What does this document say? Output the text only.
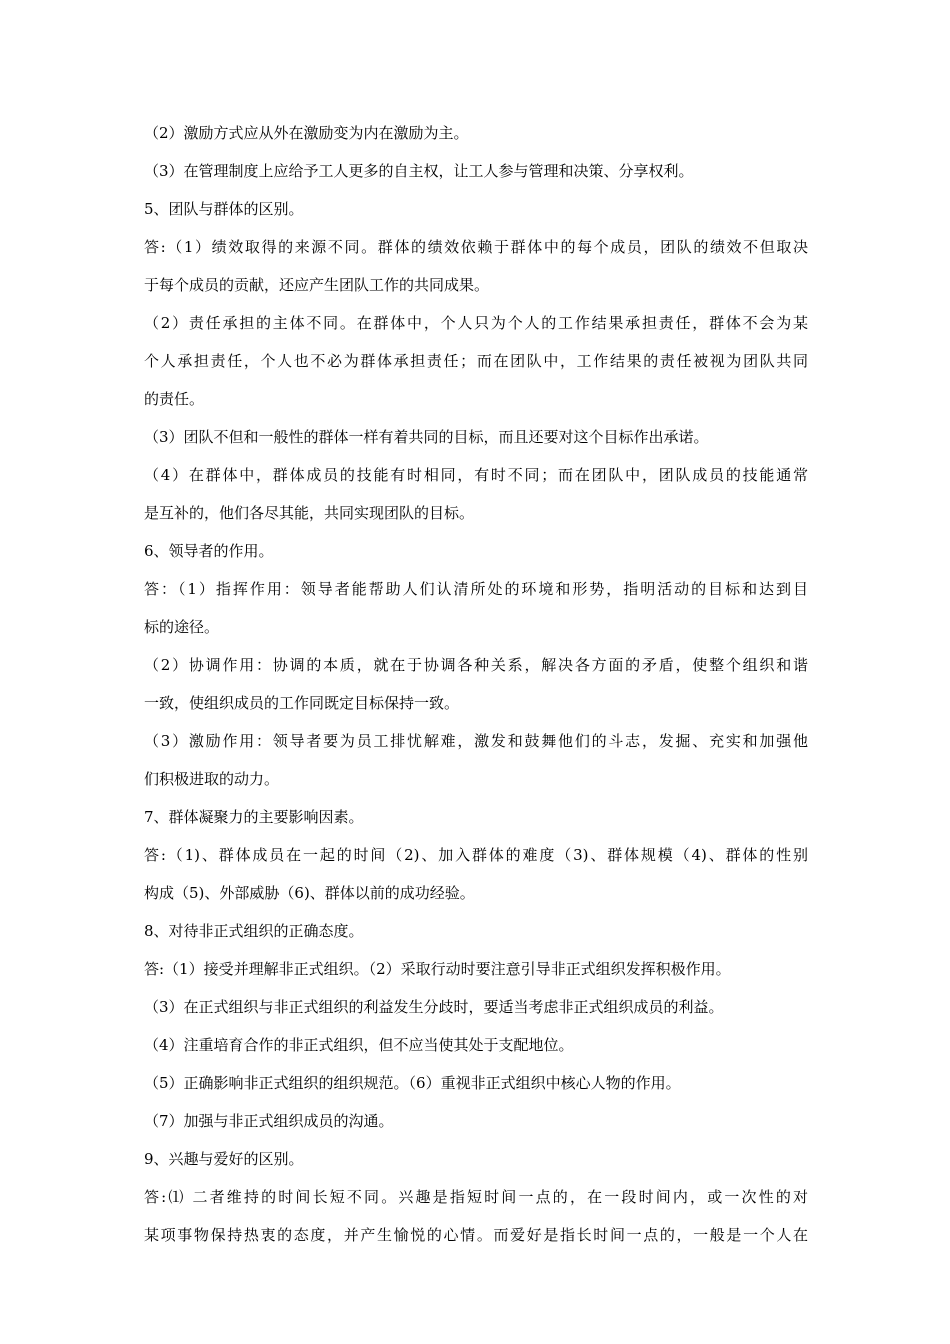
（2）激励方式应从外在激励变为内在激励为主。
（3）在管理制度上应给予工人更多的自主权，让工人参与管理和决策、分享权利。
5、团队与群体的区别。
答:（1）绩效取得的来源不同。群体的绩效依赖于群体中的每个成员，团队的绩效不但取决
于每个成员的贡献，还应产生团队工作的共同成果。
（2）责任承担的主体不同。在群体中，个人只为个人的工作结果承担责任，群体不会为某
个人承担责任，个人也不必为群体承担责任；而在团队中，工作结果的责任被视为团队共同
的责任。
（3）团队不但和一般性的群体一样有着共同的目标，而且还要对这个目标作出承诺。
（4）在群体中，群体成员的技能有时相同，有时不同；而在团队中，团队成员的技能通常
是互补的，他们各尽其能，共同实现团队的目标。
6、领导者的作用。
答：（1）指挥作用：领导者能帮助人们认清所处的环境和形势，指明活动的目标和达到目
标的途径。
（2）协调作用：协调的本质，就在于协调各种关系，解决各方面的矛盾，使整个组织和谐
一致，使组织成员的工作同既定目标保持一致。
（3）激励作用：领导者要为员工排忧解难，激发和鼓舞他们的斗志，发掘、充实和加强他
们积极进取的动力。
7、群体凝聚力的主要影响因素。
答:（1)、群体成员在一起的时间（2)、加入群体的难度（3)、群体规模（4)、群体的性别
构成（5)、外部威胁（6)、群体以前的成功经验。
8、对待非正式组织的正确态度。
答:（1）接受并理解非正式组织。（2）采取行动时要注意引导非正式组织发挥积极作用。
（3）在正式组织与非正式组织的利益发生分歧时，要适当考虑非正式组织成员的利益。
（4）注重培育合作的非正式组织，但不应当使其处于支配地位。
（5）正确影响非正式组织的组织规范。（6）重视非正式组织中核心人物的作用。
（7）加强与非正式组织成员的沟通。
9、兴趣与爱好的区别。
答:⑴ 二者维持的时间长短不同。兴趣是指短时间一点的，在一段时间内，或一次性的对
某项事物保持热衷的态度，并产生愉悦的心情。而爱好是指长时间一点的，一般是一个人在
